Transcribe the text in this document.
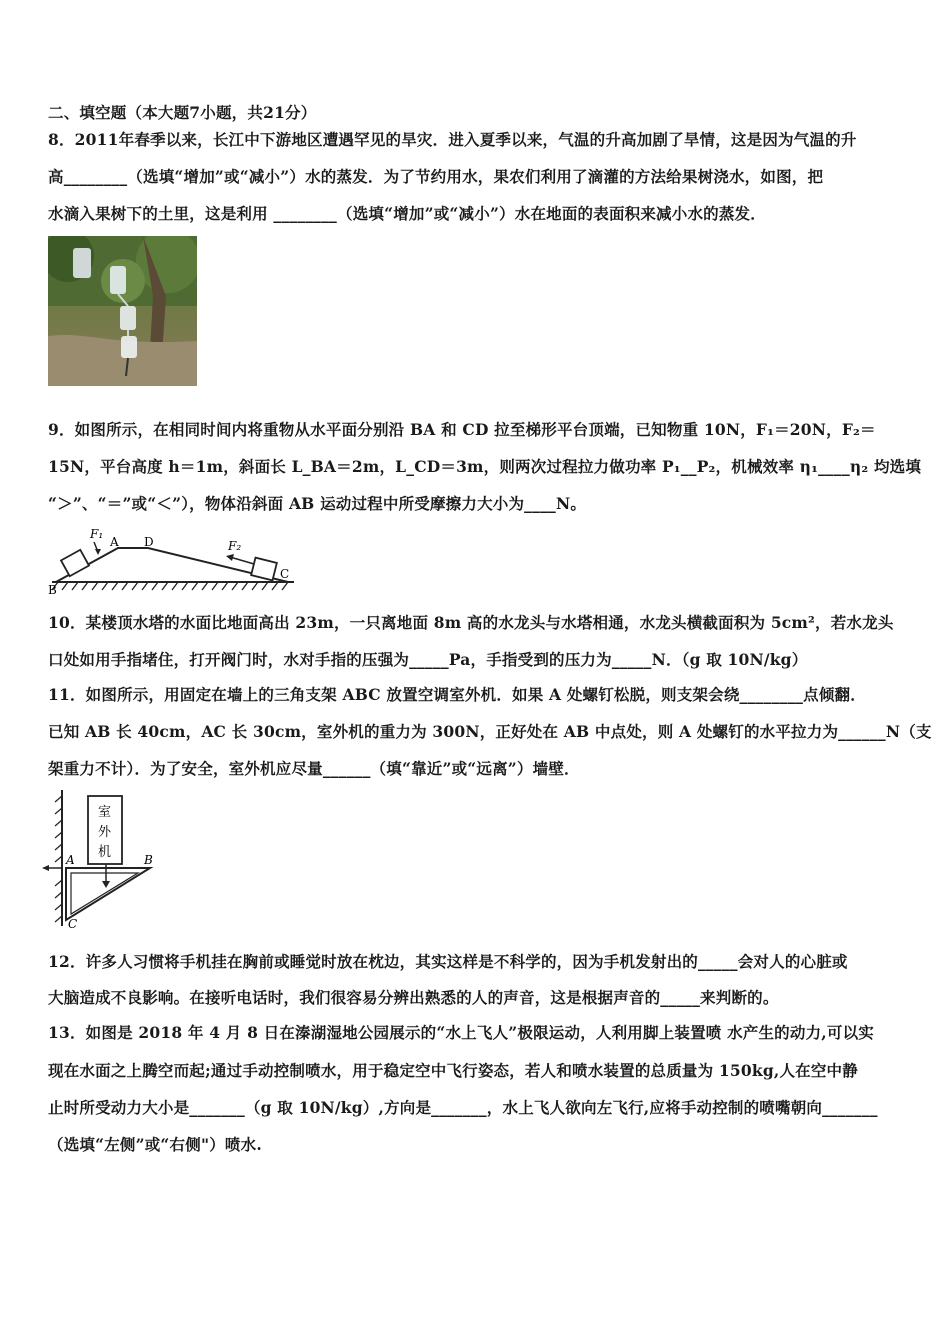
二、填空题（本大题7小题，共21分）
8．2011年春季以来，长江中下游地区遭遇罕见的旱灾．进入夏季以来，气温的升高加剧了旱情，这是因为气温的升
高________（选填“增加”或“减小”）水的蒸发．为了节约用水，果农们利用了滴灌的方法给果树浇水，如图，把
水滴入果树下的土里，这是利用 ________（选填“增加”或“减小”）水在地面的表面积来减小水的蒸发．
9．如图所示，在相同时间内将重物从水平面分别沿 BA 和 CD 拉至梯形平台顶端，已知物重 10N，F₁＝20N，F₂＝
15N，平台高度 h＝1m，斜面长 L_BA＝2m，L_CD＝3m，则两次过程拉力做功率 P₁__P₂，机械效率 η₁____η₂ 均选填
“＞”、“＝”或“＜”），物体沿斜面 AB 运动过程中所受摩擦力大小为____N。
F₁
A D	F₂
B
C
10．某楼顶水塔的水面比地面高出 23m，一只离地面 8m 高的水龙头与水塔相通，水龙头横截面积为 5cm²，若水龙头
口处如用手指堵住，打开阀门时，水对手指的压强为_____Pa，手指受到的压力为_____N．（g 取 10N/kg）
11．如图所示，用固定在墙上的三角支架 ABC 放置空调室外机．如果 A 处螺钉松脱，则支架会绕________点倾翻．
已知 AB 长 40cm，AC 长 30cm，室外机的重力为 300N，正好处在 AB 中点处，则 A 处螺钉的水平拉力为______N（支
架重力不计）．为了安全，室外机应尽量______（填“靠近”或“远离”）墙壁．
室 外 机
A	B
C
12．许多人习惯将手机挂在胸前或睡觉时放在枕边，其实这样是不科学的，因为手机发射出的_____会对人的心脏或
大脑造成不良影响。在接听电话时，我们很容易分辨出熟悉的人的声音，这是根据声音的_____来判断的。
13．如图是 2018 年 4 月 8 日在溱湖湿地公园展示的“水上飞人”极限运动，人利用脚上装置喷 水产生的动力,可以实
现在水面之上腾空而起;通过手动控制喷水，用于稳定空中飞行姿态，若人和喷水装置的总质量为 150kg,人在空中静
止时所受动力大小是_______（g 取 10N/kg）,方向是_______，水上飞人欲向左飞行,应将手动控制的喷嘴朝向_______
（选填“左侧”或“右侧"）喷水.
